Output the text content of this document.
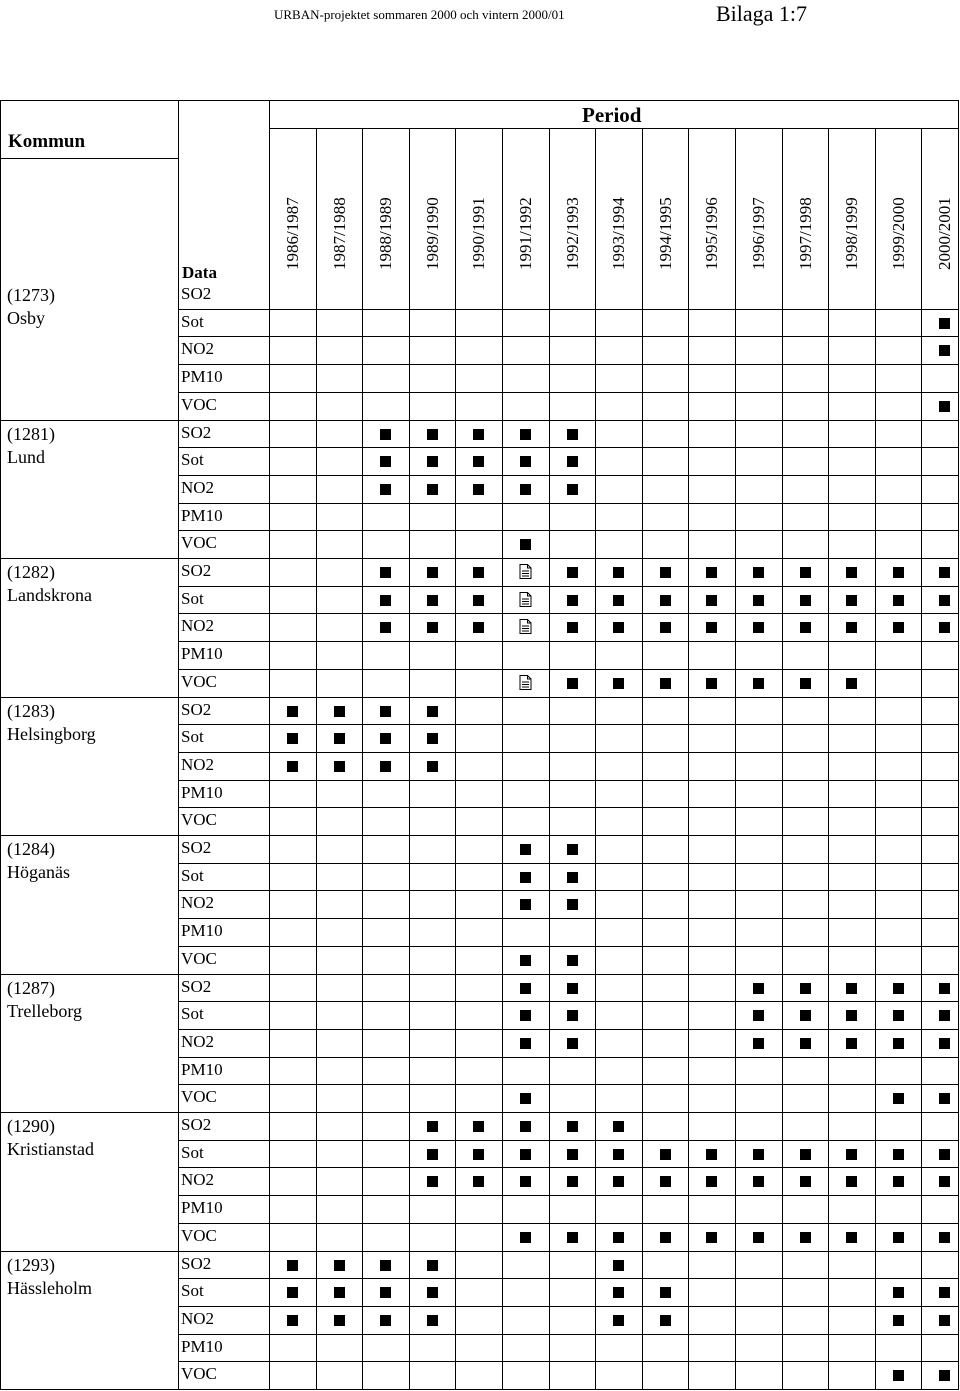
URBAN-projektet sommaren 2000 och vintern 2000/01	Bilaga 1:7
Kommun
Period
Data
1986/1987 1987/1988 1988/1989 1989/1990 1990/1991 1991/1992 1992/1993 1993/1994 1994/1995 1995/1996 1996/1997 1997/1998 1998/1999 1999/2000 2000/2001
(1273)
Osby
SO2
Sot
NO2
PM10
VOC
(1281)
Lund
SO2
Sot
NO2
PM10
VOC
(1282)
Landskrona
SO2
Sot
NO2
PM10
VOC
(1283)
Helsingborg
SO2
Sot
NO2
PM10
VOC
(1284)
Höganäs
SO2
Sot
NO2
PM10
VOC
(1287)
Trelleborg
SO2
Sot
NO2
PM10
VOC
(1290)
Kristianstad
SO2
Sot
NO2
PM10
VOC
(1293)
Hässleholm
SO2
Sot
NO2
PM10
VOC
